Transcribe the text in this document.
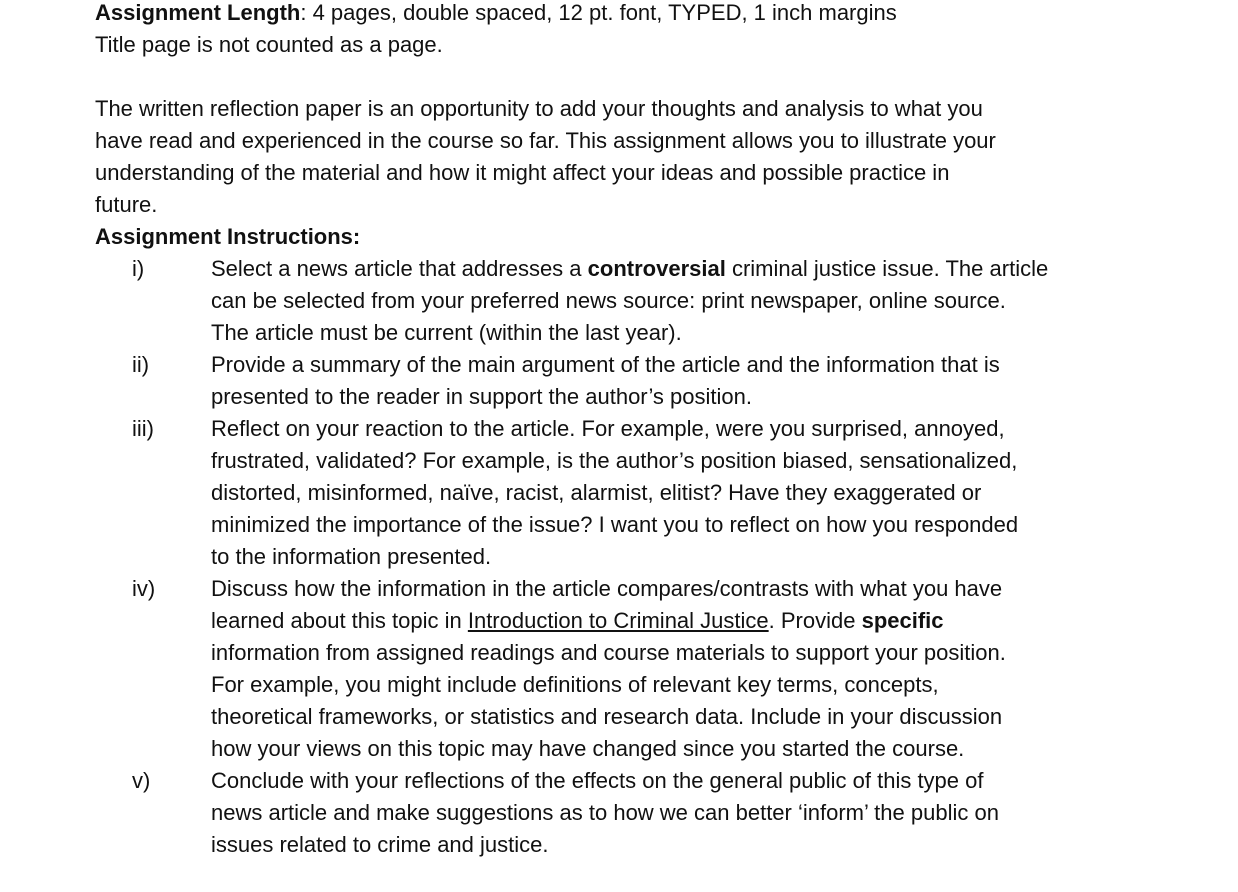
Assignment Length: 4 pages, double spaced, 12 pt. font, TYPED, 1 inch margins

Title page is not counted as a page.

The written reflection paper is an opportunity to add your thoughts and analysis to what you

have read and experienced in the course so far. This assignment allows you to illustrate your

understanding of the material and how it might affect your ideas and possible practice in

future.

Assignment Instructions:

i)	Select a news article that addresses a controversial criminal justice issue. The article

can be selected from your preferred news source: print newspaper, online source.

The article must be current (within the last year).

ii)	Provide a summary of the main argument of the article and the information that is

presented to the reader in support the author’s position.

iii)	Reflect on your reaction to the article. For example, were you surprised, annoyed,

frustrated, validated? For example, is the author’s position biased, sensationalized,

distorted, misinformed, naïve, racist, alarmist, elitist? Have they exaggerated or

minimized the importance of the issue? I want you to reflect on how you responded

to the information presented.

iv)	Discuss how the information in the article compares/contrasts with what you have

learned about this topic in Introduction to Criminal Justice. Provide specific

information from assigned readings and course materials to support your position.

For example, you might include definitions of relevant key terms, concepts,

theoretical frameworks, or statistics and research data. Include in your discussion

how your views on this topic may have changed since you started the course.

v)	Conclude with your reflections of the effects on the general public of this type of

news article and make suggestions as to how we can better ‘inform’ the public on

issues related to crime and justice.
